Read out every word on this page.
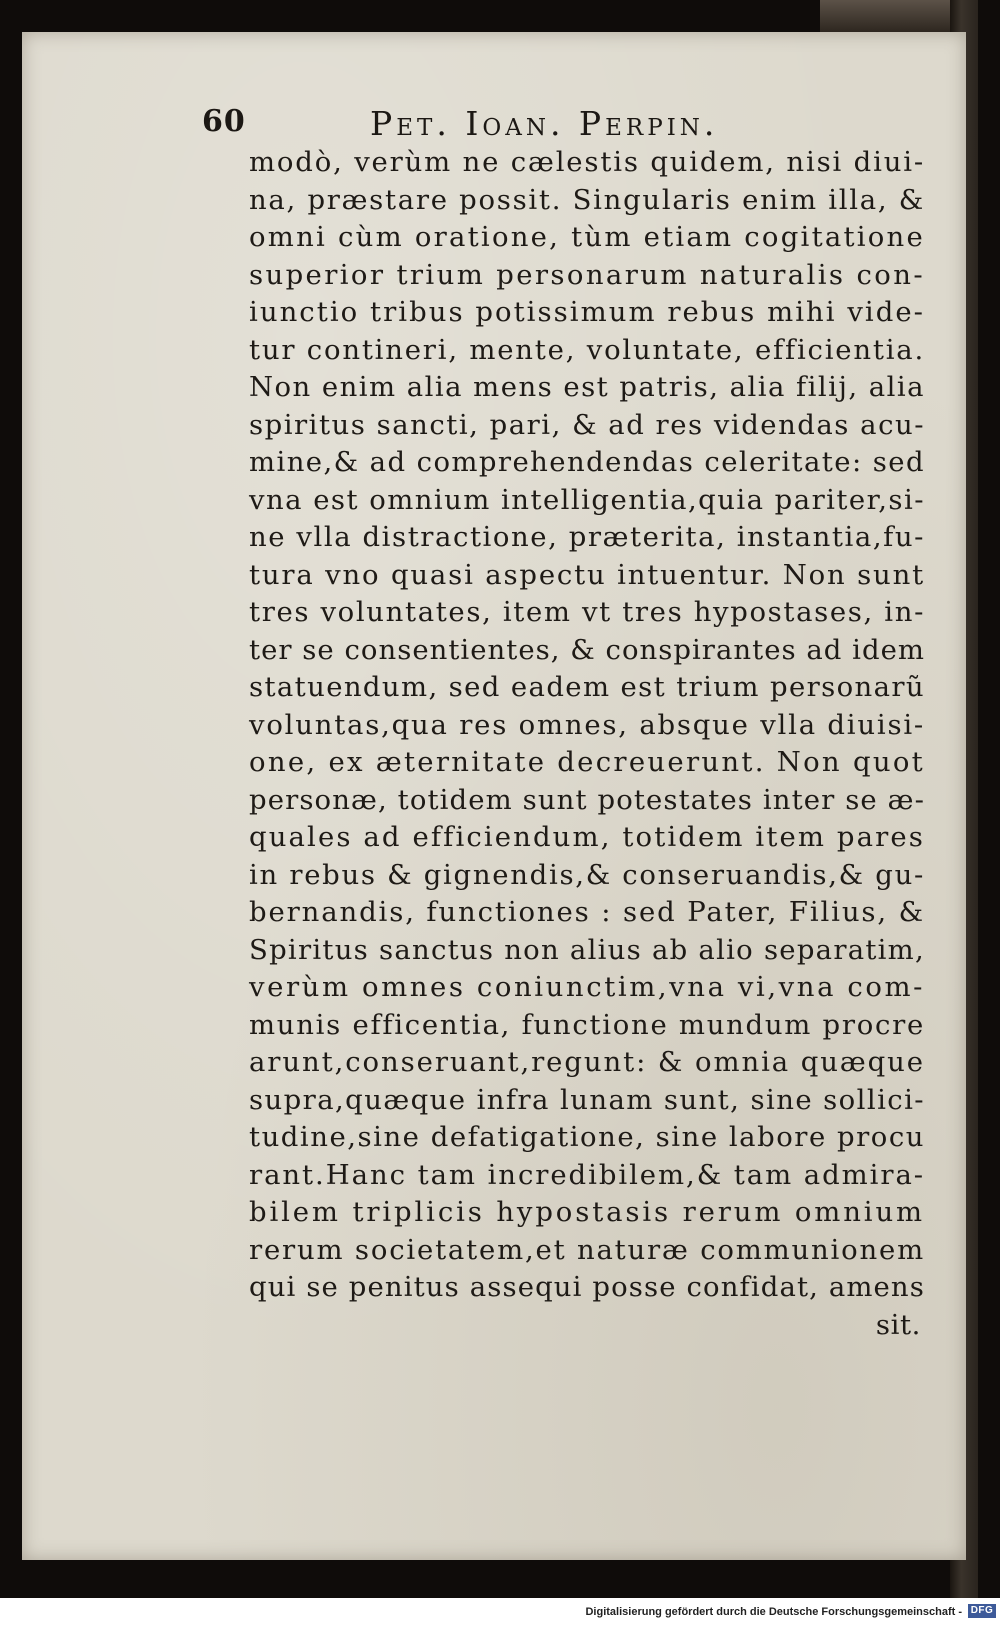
60	Pet. Ioan. Perpin.
modò, verùm ne cælestis quidem, nisi diui-
na, præstare possit. Singularis enim illa, &
omni cùm oratione, tùm etiam cogitatione
superior trium personarum naturalis con-
iunctio tribus potissimum rebus mihi vide-
tur contineri, mente, voluntate, efficientia.
Non enim alia mens est patris, alia filij, alia
spiritus sancti, pari, & ad res videndas acu-
mine,& ad comprehendendas celeritate: sed
vna est omnium intelligentia,quia pariter,si-
ne vlla distractione, præterita, instantia,fu-
tura vno quasi aspectu intuentur. Non sunt
tres voluntates, item vt tres hypostases, in-
ter se consentientes, & conspirantes ad idem
statuendum, sed eadem est trium personarũ
voluntas,qua res omnes, absque vlla diuisi-
one, ex æternitate decreuerunt. Non quot
personæ, totidem sunt potestates inter se æ-
quales ad efficiendum, totidem item pares
in rebus & gignendis,& conseruandis,& gu-
bernandis, functiones : sed Pater, Filius, &
Spiritus sanctus non alius ab alio separatim,
verùm omnes coniunctim,vna vi,vna com-
munis efficentia, functione mundum procre
arunt,conseruant,regunt: & omnia quæque
supra,quæque infra lunam sunt, sine sollici-
tudine,sine defatigatione, sine labore procu
rant.Hanc tam incredibilem,& tam admira-
bilem triplicis hypostasis rerum omnium
rerum societatem,et naturæ communionem
qui se penitus assequi posse confidat, amens
sit.
Digitalisierung gefördert durch die Deutsche Forschungsgemeinschaft - DFG
